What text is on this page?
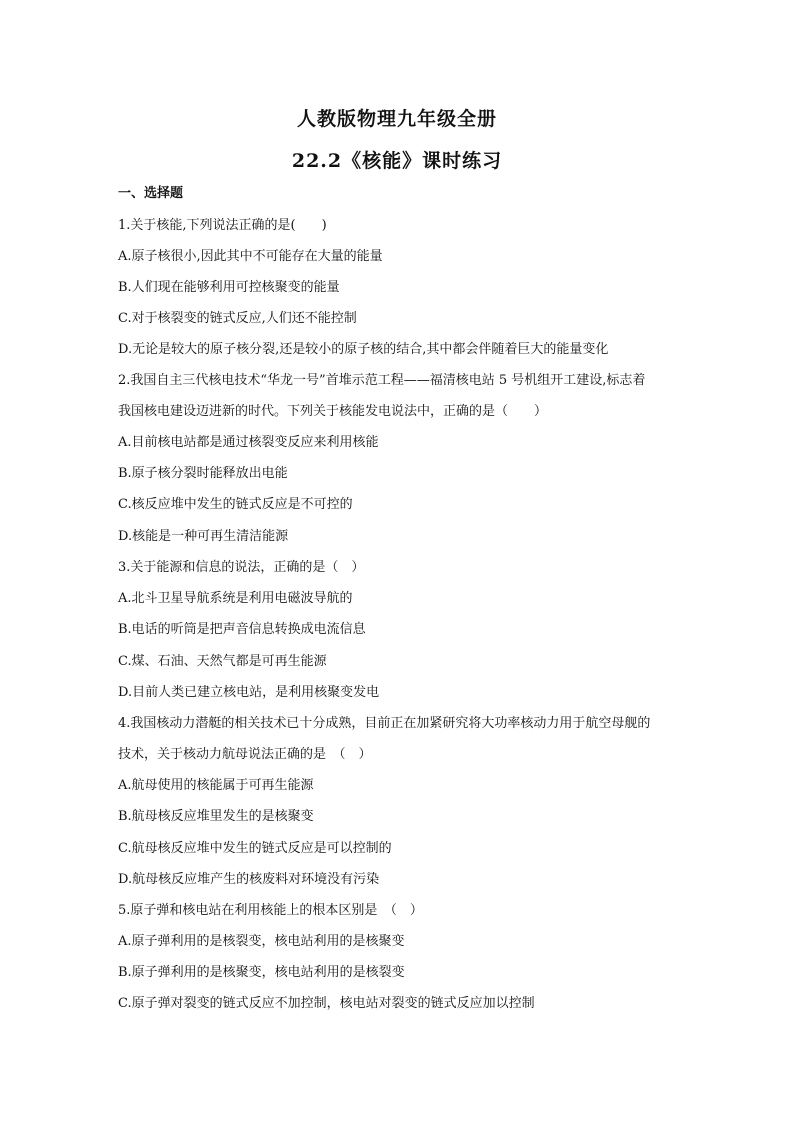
人教版物理九年级全册
22.2《核能》课时练习
一、选择题
1.关于核能,下列说法正确的是(　　)
A.原子核很小,因此其中不可能存在大量的能量
B.人们现在能够利用可控核聚变的能量
C.对于核裂变的链式反应,人们还不能控制
D.无论是较大的原子核分裂,还是较小的原子核的结合,其中都会伴随着巨大的能量变化
2.我国自主三代核电技术“华龙一号”首堆示范工程——福清核电站 5 号机组开工建设,标志着
我国核电建设迈进新的时代。下列关于核能发电说法中，正确的是（　　）
A.目前核电站都是通过核裂变反应来利用核能
B.原子核分裂时能释放出电能
C.核反应堆中发生的链式反应是不可控的
D.核能是一种可再生清洁能源
3.关于能源和信息的说法，正确的是（　）
A.北斗卫星导航系统是利用电磁波导航的
B.电话的听筒是把声音信息转换成电流信息
C.煤、石油、天然气都是可再生能源
D.目前人类已建立核电站，是利用核聚变发电
4.我国核动力潜艇的相关技术已十分成熟，目前正在加紧研究将大功率核动力用于航空母舰的
技术，关于核动力航母说法正确的是　（　）
A.航母使用的核能属于可再生能源
B.航母核反应堆里发生的是核聚变
C.航母核反应堆中发生的链式反应是可以控制的
D.航母核反应堆产生的核废料对环境没有污染
5.原子弹和核电站在利用核能上的根本区别是　（　）
A.原子弹利用的是核裂变，核电站利用的是核聚变
B.原子弹利用的是核聚变，核电站利用的是核裂变
C.原子弹对裂变的链式反应不加控制，核电站对裂变的链式反应加以控制
